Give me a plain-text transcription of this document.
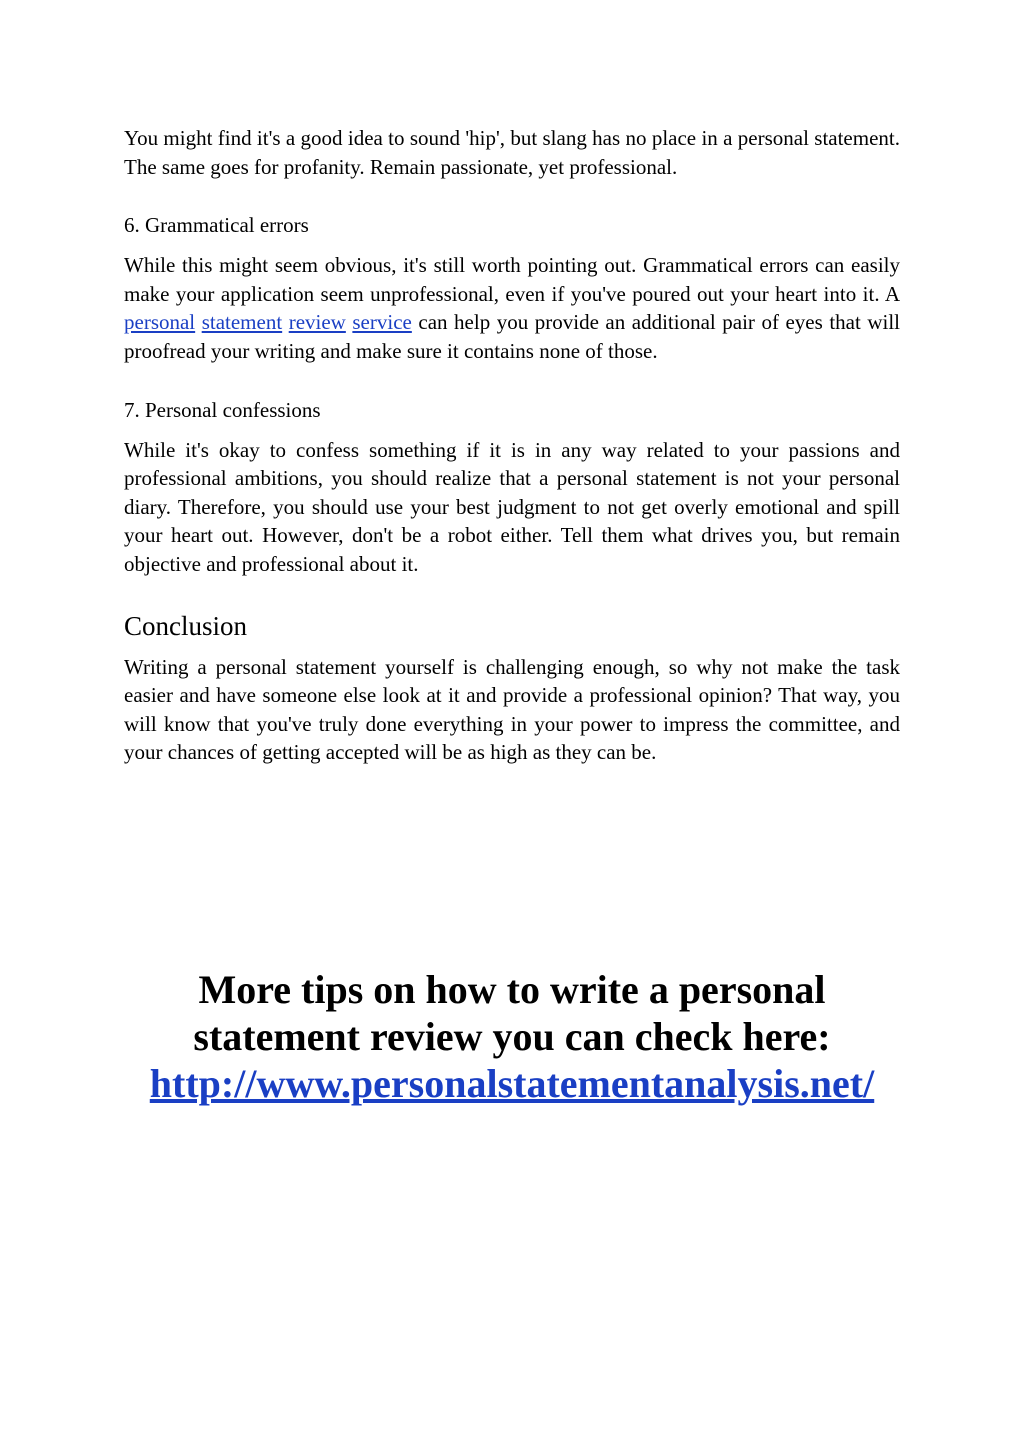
You might find it's a good idea to sound 'hip', but slang has no place in a personal statement. The same goes for profanity. Remain passionate, yet professional.

6. Grammatical errors

While this might seem obvious, it's still worth pointing out. Grammatical errors can easily make your application seem unprofessional, even if you've poured out your heart into it. A personal statement review service can help you provide an additional pair of eyes that will proofread your writing and make sure it contains none of those.

7. Personal confessions

While it's okay to confess something if it is in any way related to your passions and professional ambitions, you should realize that a personal statement is not your personal diary. Therefore, you should use your best judgment to not get overly emotional and spill your heart out. However, don't be a robot either. Tell them what drives you, but remain objective and professional about it.

Conclusion

Writing a personal statement yourself is challenging enough, so why not make the task easier and have someone else look at it and provide a professional opinion? That way, you will know that you've truly done everything in your power to impress the committee, and your chances of getting accepted will be as high as they can be.

More tips on how to write a personal
statement review you can check here:
http://www.personalstatementanalysis.net/
